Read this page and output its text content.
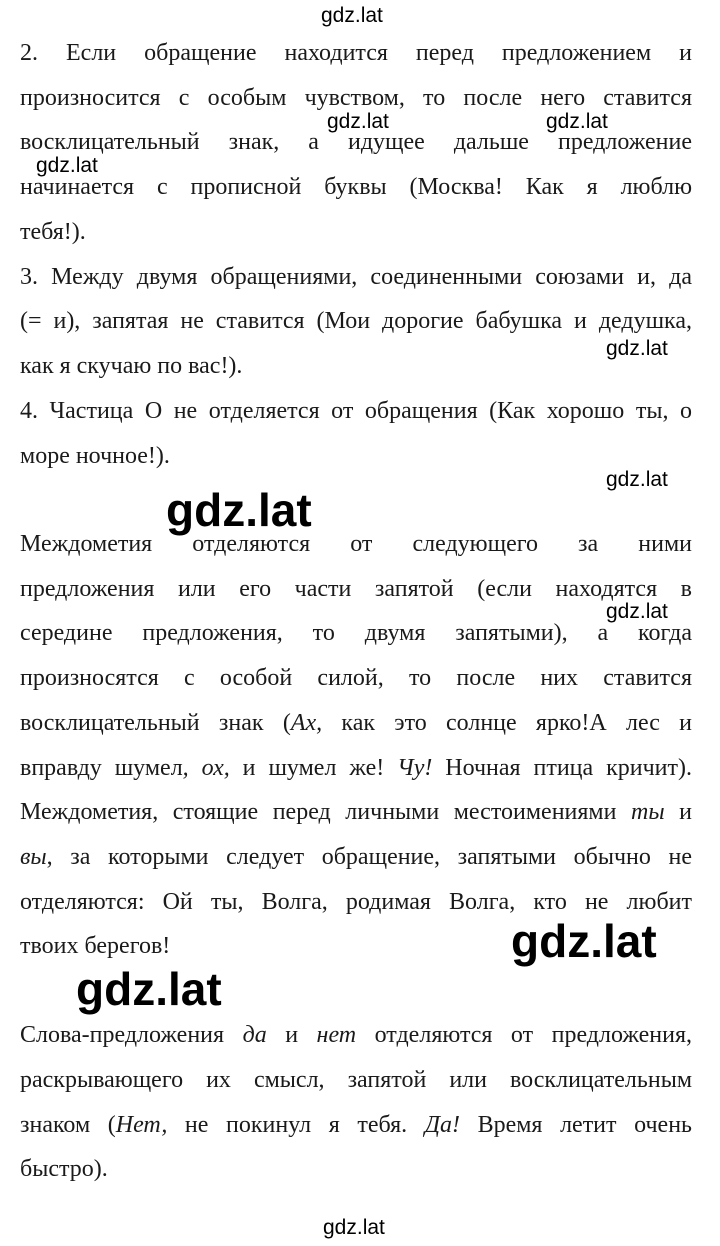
2. Если обращение находится перед предложением и
произносится с особым чувством, то после него ставится
восклицательный знак, а идущее дальше предложение
начинается с прописной буквы (Москва! Как я люблю
тебя!).
3. Между двумя обращениями, соединенными союзами и, да
(= и), запятая не ставится (Мои дорогие бабушка и дедушка,
как я скучаю по вас!).
4. Частица О не отделяется от обращения (Как хорошо ты, о
море ночное!).
Междометия отделяются от следующего за ними
предложения или его части запятой (если находятся в
середине предложения, то двумя запятыми), а когда
произносятся с особой силой, то после них ставится
восклицательный знак (Ах, как это солнце ярко!А лес и
вправду шумел, ох, и шумел же! Чу! Ночная птица кричит).
Междометия, стоящие перед личными местоимениями ты и
вы, за которыми следует обращение, запятыми обычно не
отделяются: Ой ты, Волга, родимая Волга, кто не любит
твоих берегов!
Слова-предложения да и нет отделяются от предложения,
раскрывающего их смысл, запятой или восклицательным
знаком (Нет, не покинул я тебя. Да! Время летит очень
быстро).
gdz.lat
gdz.lat	gdz.lat
gdz.lat
gdz.lat
gdz.lat
gdz.lat
gdz.lat
gdz.lat
gdz.lat
gdz.lat
